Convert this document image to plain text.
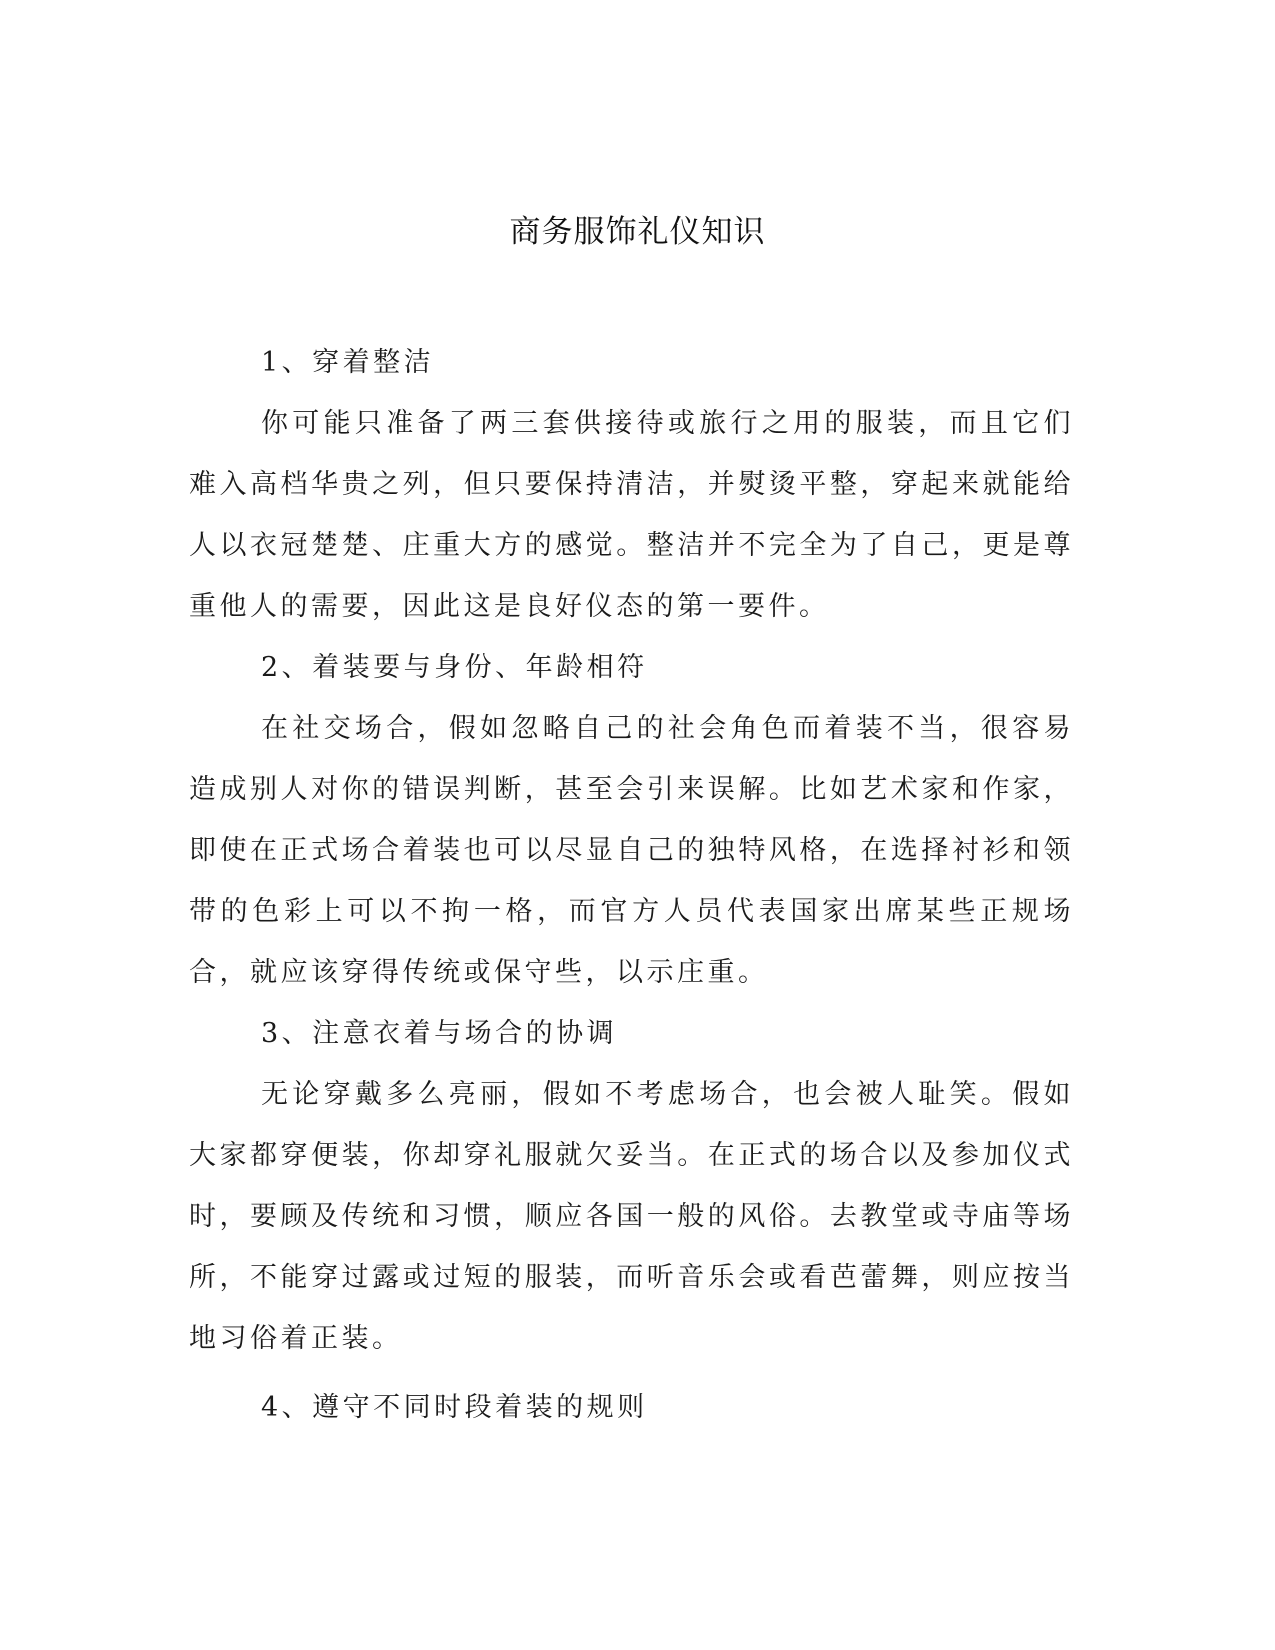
商务服饰礼仪知识

1、穿着整洁

你可能只准备了两三套供接待或旅行之用的服装，而且它们难入高档华贵之列，但只要保持清洁，并熨烫平整，穿起来就能给人以衣冠楚楚、庄重大方的感觉。整洁并不完全为了自己，更是尊重他人的需要，因此这是良好仪态的第一要件。

2、着装要与身份、年龄相符

在社交场合，假如忽略自己的社会角色而着装不当，很容易造成别人对你的错误判断，甚至会引来误解。比如艺术家和作家，即使在正式场合着装也可以尽显自己的独特风格，在选择衬衫和领带的色彩上可以不拘一格，而官方人员代表国家出席某些正规场合，就应该穿得传统或保守些，以示庄重。

3、注意衣着与场合的协调

无论穿戴多么亮丽，假如不考虑场合，也会被人耻笑。假如大家都穿便装，你却穿礼服就欠妥当。在正式的场合以及参加仪式时，要顾及传统和习惯，顺应各国一般的风俗。去教堂或寺庙等场所，不能穿过露或过短的服装，而听音乐会或看芭蕾舞，则应按当地习俗着正装。

4、遵守不同时段着装的规则
